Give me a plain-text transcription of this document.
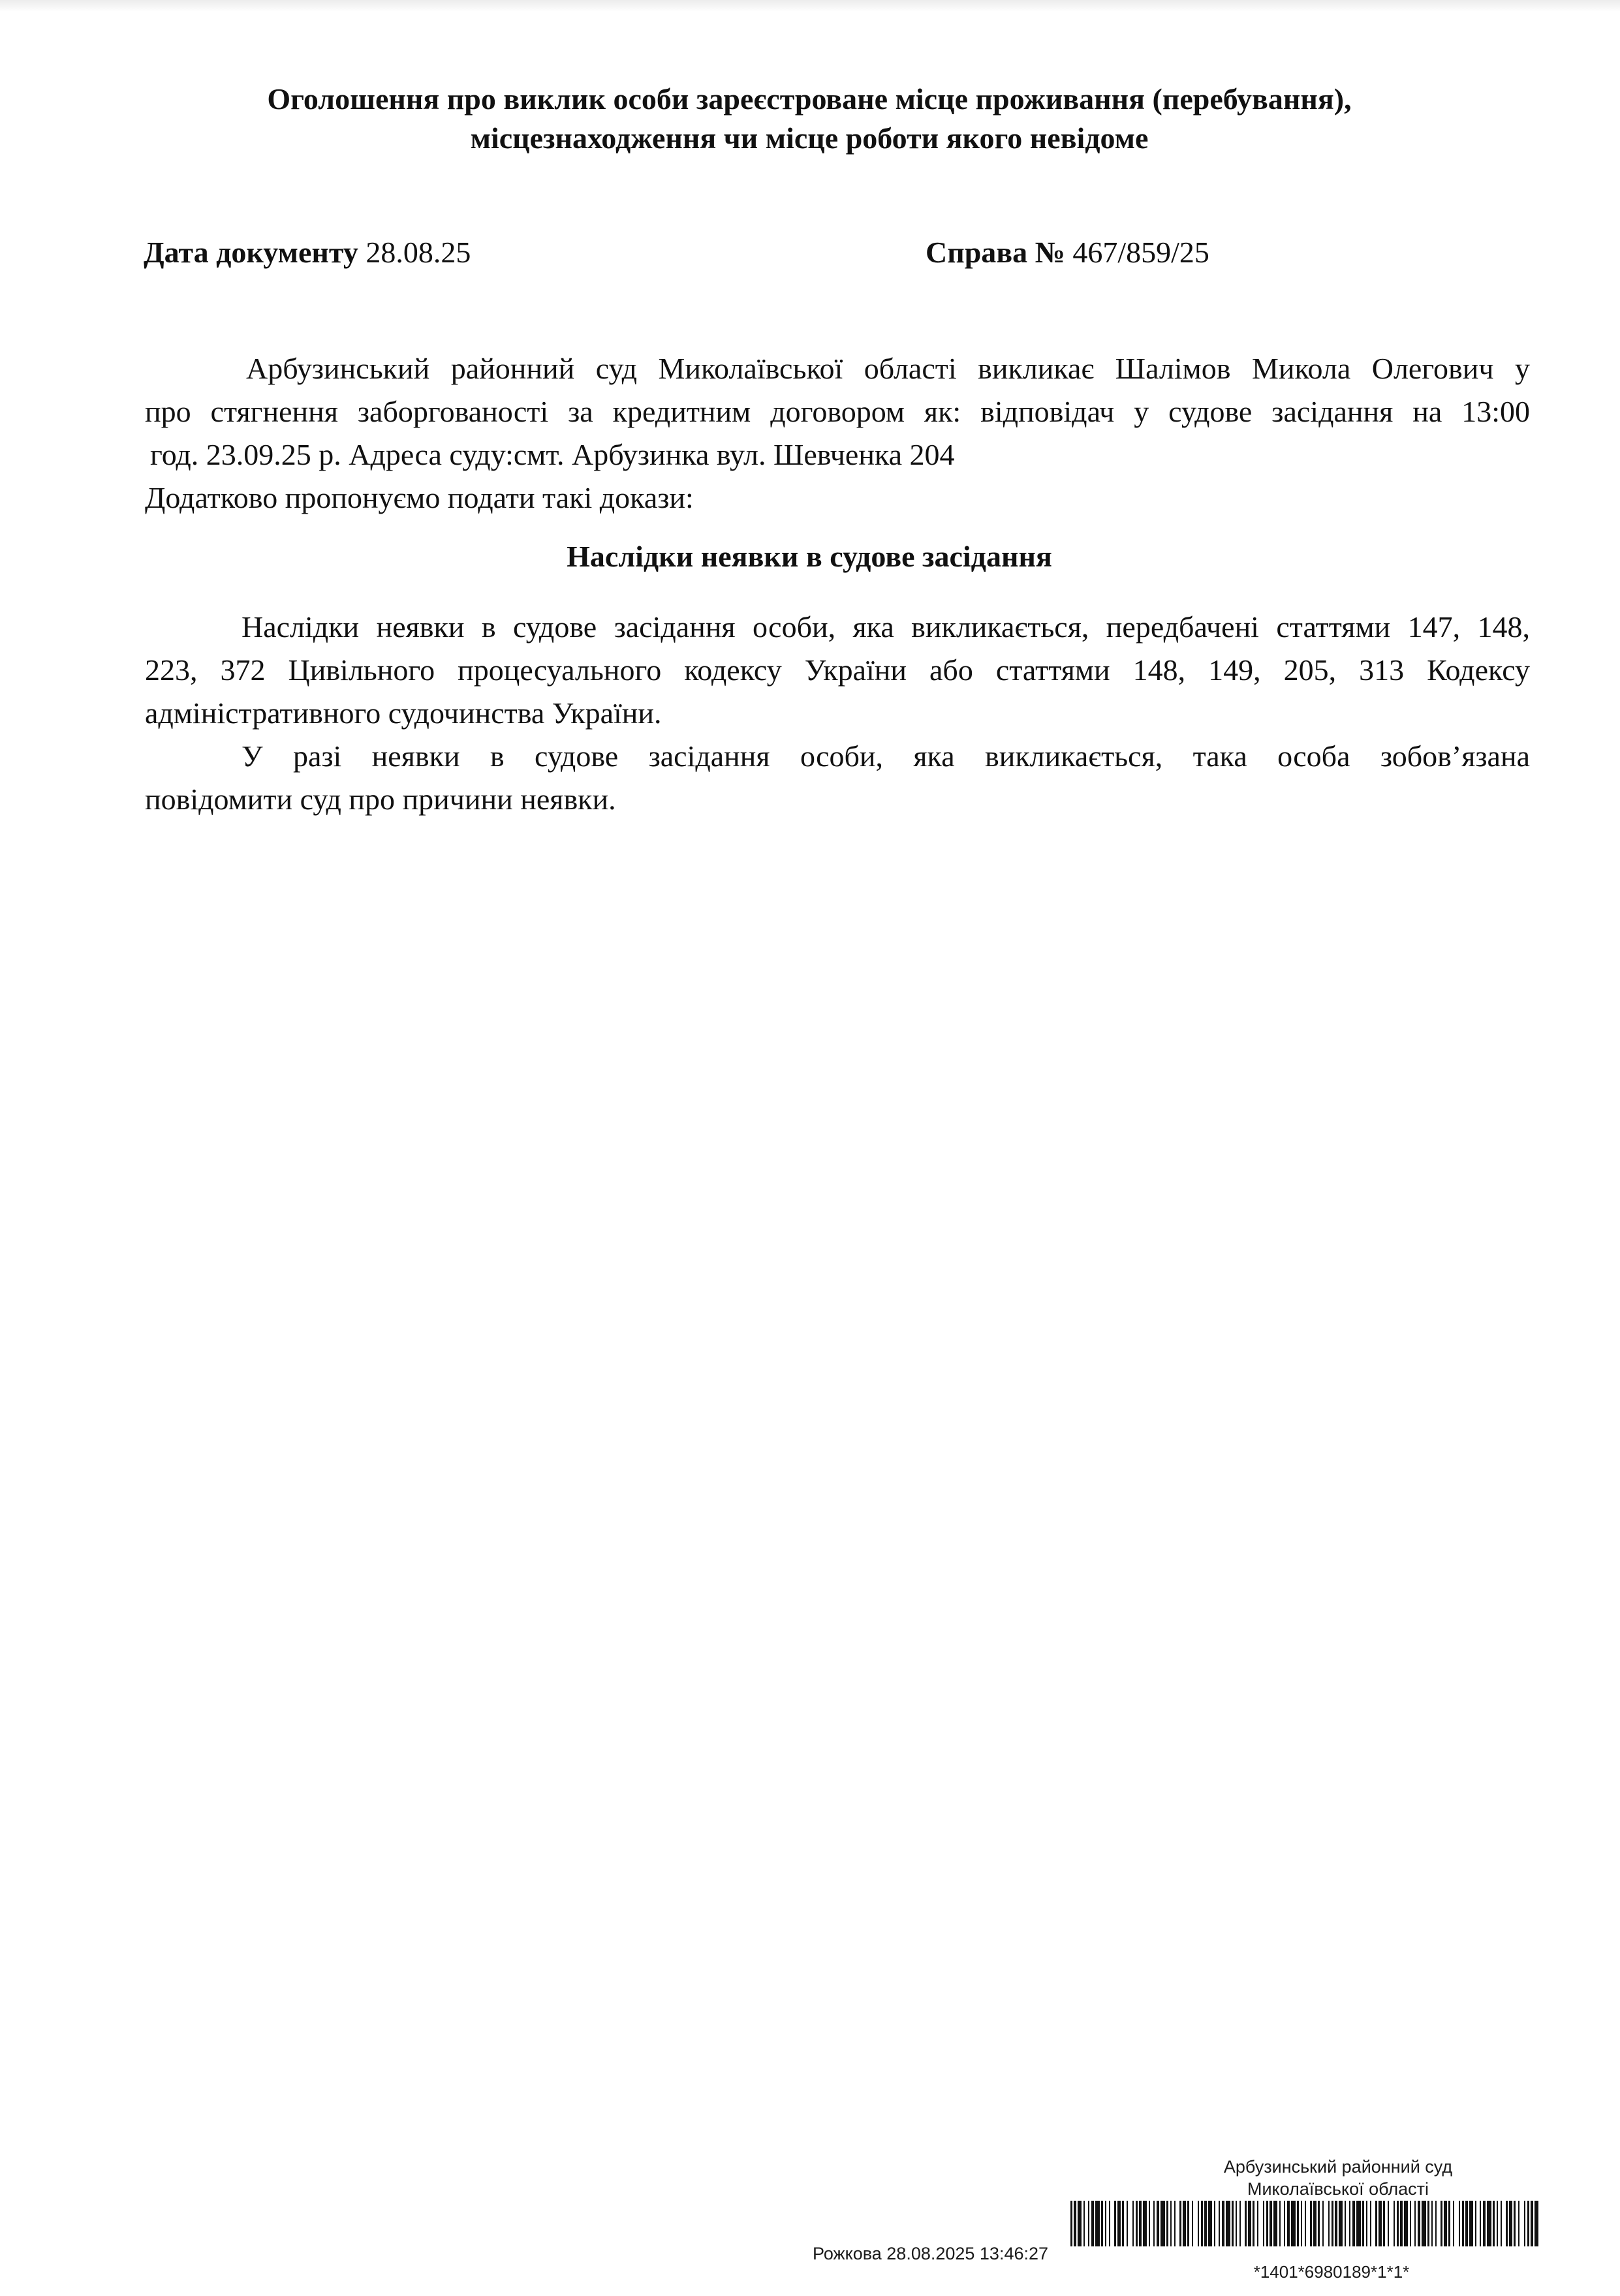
Оголошення про виклик особи зареєстроване місце проживання (перебування),
місцезнаходження чи місце роботи якого невідоме
Дата документу 28.08.25	Справа № 467/859/25
Арбузинський районний суд Миколаївської області викликає Шалімов Микола Олегович у
про стягнення заборгованості за кредитним договором як: відповідач у судове засідання на 13:00
год. 23.09.25 р. Адреса суду:смт. Арбузинка вул. Шевченка 204
Додатково пропонуємо подати такі докази:
Наслідки неявки в судове засідання
Наслідки неявки в судове засідання особи, яка викликається, передбачені статтями 147, 148,
223, 372 Цивільного процесуального кодексу України або статтями 148, 149, 205, 313 Кодексу
адміністративного судочинства України.
У разі неявки в судове засідання особи, яка викликається, така особа зобов’язана
повідомити суд про причини неявки.
Арбузинський районний суд
Миколаївської області
Рожкова 28.08.2025 13:46:27
*1401*6980189*1*1*
